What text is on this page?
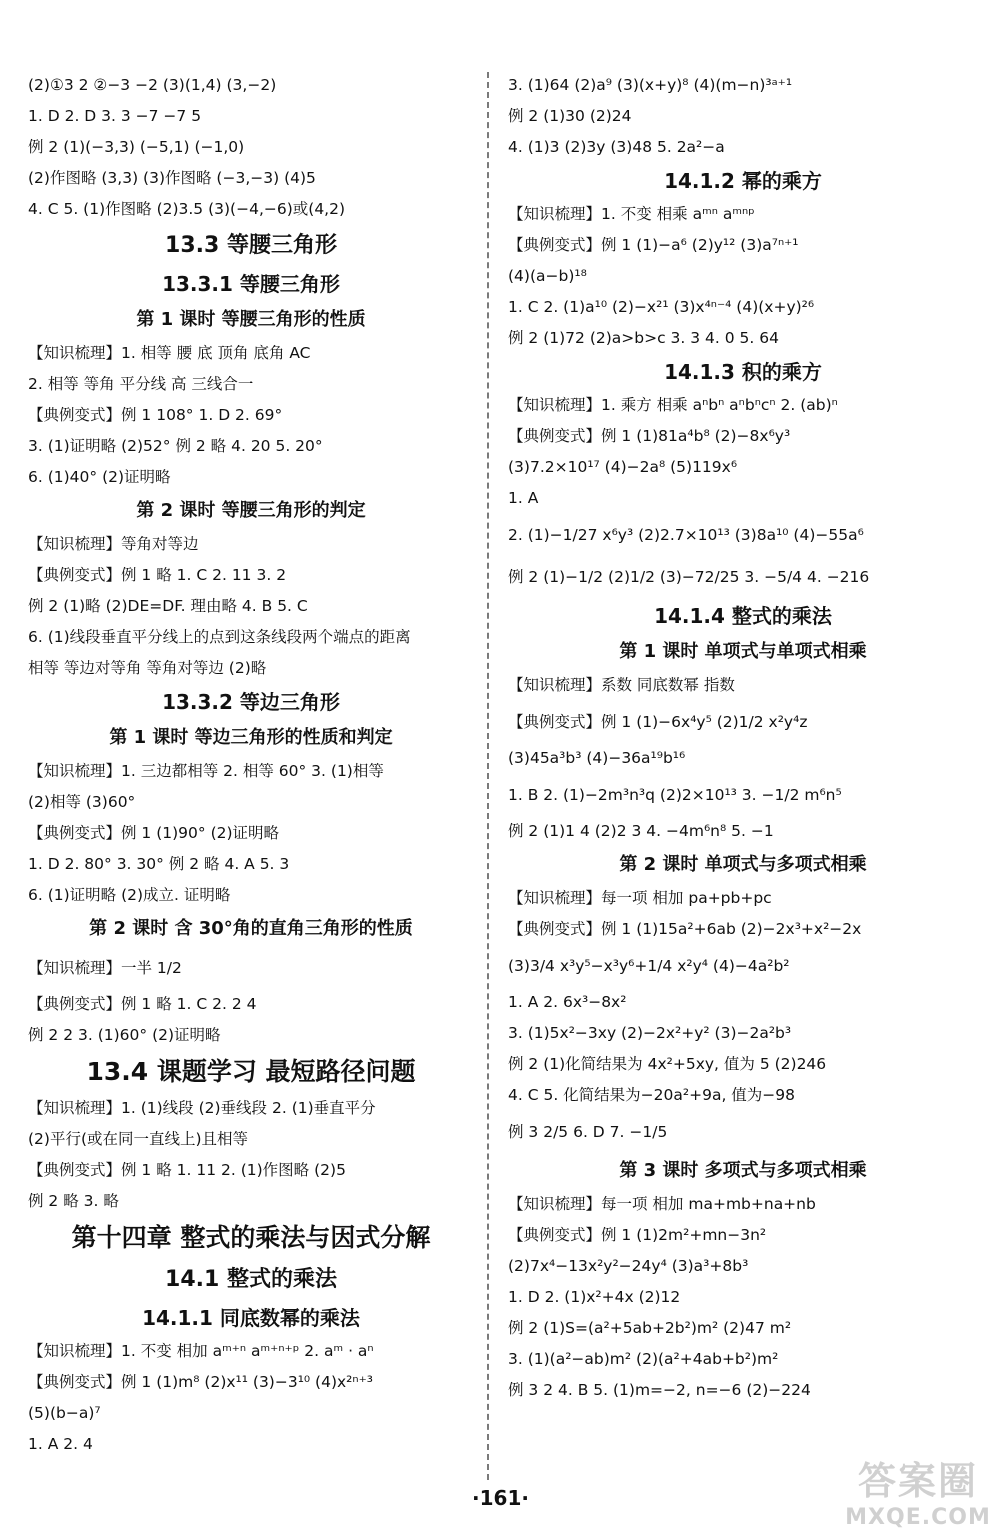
(2)①3 2 ②−3 −2 (3)(1,4) (3,−2)
1. D 2. D 3. 3 −7 −7 5
例 2 (1)(−3,3) (−5,1) (−1,0)
(2)作图略 (3,3) (3)作图略 (−3,−3) (4)5
4. C 5. (1)作图略 (2)3.5 (3)(−4,−6)或(4,2)
13.3 等腰三角形
13.3.1 等腰三角形
第 1 课时 等腰三角形的性质
【知识梳理】1. 相等 腰 底 顶角 底角 AC
2. 相等 等角 平分线 高 三线合一
【典例变式】例 1 108° 1. D 2. 69°
3. (1)证明略 (2)52° 例 2 略 4. 20 5. 20°
6. (1)40° (2)证明略
第 2 课时 等腰三角形的判定
【知识梳理】等角对等边
【典例变式】例 1 略 1. C 2. 11 3. 2
例 2 (1)略 (2)DE=DF. 理由略 4. B 5. C
6. (1)线段垂直平分线上的点到这条线段两个端点的距离
相等 等边对等角 等角对等边 (2)略
13.3.2 等边三角形
第 1 课时 等边三角形的性质和判定
【知识梳理】1. 三边都相等 2. 相等 60° 3. (1)相等
(2)相等 (3)60°
【典例变式】例 1 (1)90° (2)证明略
1. D 2. 80° 3. 30° 例 2 略 4. A 5. 3
6. (1)证明略 (2)成立. 证明略
第 2 课时 含 30°角的直角三角形的性质
【知识梳理】一半 1/2
【典例变式】例 1 略 1. C 2. 2 4
例 2 2 3. (1)60° (2)证明略
13.4 课题学习 最短路径问题
【知识梳理】1. (1)线段 (2)垂线段 2. (1)垂直平分
(2)平行(或在同一直线上)且相等
【典例变式】例 1 略 1. 11 2. (1)作图略 (2)5
例 2 略 3. 略
第十四章 整式的乘法与因式分解
14.1 整式的乘法
14.1.1 同底数幂的乘法
【知识梳理】1. 不变 相加 aᵐ⁺ⁿ aᵐ⁺ⁿ⁺ᵖ 2. aᵐ · aⁿ
【典例变式】例 1 (1)m⁸ (2)x¹¹ (3)−3¹⁰ (4)x²ⁿ⁺³
(5)(b−a)⁷
1. A 2. 4
3. (1)64 (2)a⁹ (3)(x+y)⁸ (4)(m−n)³ᵃ⁺¹
例 2 (1)30 (2)24
4. (1)3 (2)3y (3)48 5. 2a²−a
14.1.2 幂的乘方
【知识梳理】1. 不变 相乘 aᵐⁿ aᵐⁿᵖ
【典例变式】例 1 (1)−a⁶ (2)y¹² (3)a⁷ⁿ⁺¹
(4)(a−b)¹⁸
1. C 2. (1)a¹⁰ (2)−x²¹ (3)x⁴ⁿ⁻⁴ (4)(x+y)²⁶
例 2 (1)72 (2)a>b>c 3. 3 4. 0 5. 64
14.1.3 积的乘方
【知识梳理】1. 乘方 相乘 aⁿbⁿ aⁿbⁿcⁿ 2. (ab)ⁿ
【典例变式】例 1 (1)81a⁴b⁸ (2)−8x⁶y³
(3)7.2×10¹⁷ (4)−2a⁸ (5)119x⁶
1. A
2. (1)−1/27 x⁶y³ (2)2.7×10¹³ (3)8a¹⁰ (4)−55a⁶
例 2 (1)−1/2 (2)1/2 (3)−72/25 3. −5/4 4. −216
14.1.4 整式的乘法
第 1 课时 单项式与单项式相乘
【知识梳理】系数 同底数幂 指数
【典例变式】例 1 (1)−6x⁴y⁵ (2)1/2 x²y⁴z
(3)45a³b³ (4)−36a¹⁹b¹⁶
1. B 2. (1)−2m³n³q (2)2×10¹³ 3. −1/2 m⁶n⁵
例 2 (1)1 4 (2)2 3 4. −4m⁶n⁸ 5. −1
第 2 课时 单项式与多项式相乘
【知识梳理】每一项 相加 pa+pb+pc
【典例变式】例 1 (1)15a²+6ab (2)−2x³+x²−2x
(3)3/4 x³y⁵−x³y⁶+1/4 x²y⁴ (4)−4a²b²
1. A 2. 6x³−8x²
3. (1)5x²−3xy (2)−2x²+y² (3)−2a²b³
例 2 (1)化简结果为 4x²+5xy, 值为 5 (2)246
4. C 5. 化简结果为−20a²+9a, 值为−98
例 3 2/5 6. D 7. −1/5
第 3 课时 多项式与多项式相乘
【知识梳理】每一项 相加 ma+mb+na+nb
【典例变式】例 1 (1)2m²+mn−3n²
(2)7x⁴−13x²y²−24y⁴ (3)a³+8b³
1. D 2. (1)x²+4x (2)12
例 2 (1)S=(a²+5ab+2b²)m² (2)47 m²
3. (1)(a²−ab)m² (2)(a²+4ab+b²)m²
例 3 2 4. B 5. (1)m=−2, n=−6 (2)−224
·161·	答案圈
MXQE.COM
